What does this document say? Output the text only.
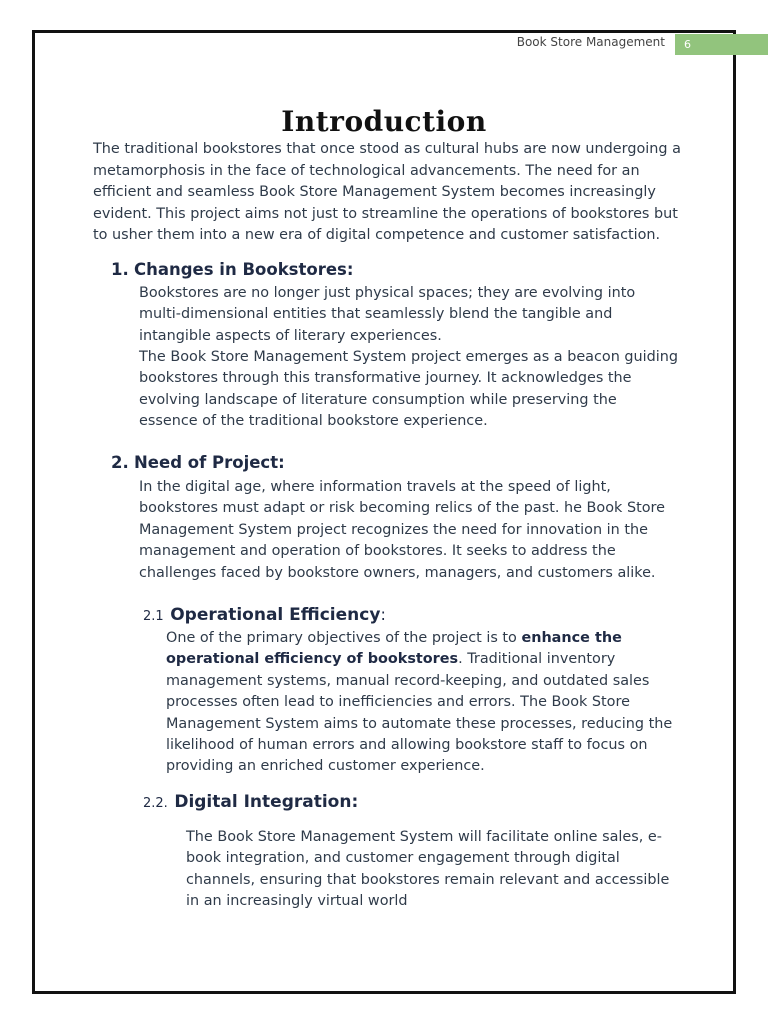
Book Store Management	6
Introduction

The traditional bookstores that once stood as cultural hubs are now undergoing a metamorphosis in the face of technological advancements. The need for an efficient and seamless Book Store Management System becomes increasingly evident. This project aims not just to streamline the operations of bookstores but to usher them into a new era of digital competence and customer satisfaction.

1. Changes in Bookstores:

Bookstores are no longer just physical spaces; they are evolving into multi-dimensional entities that seamlessly blend the tangible and intangible aspects of literary experiences.

The Book Store Management System project emerges as a beacon guiding bookstores through this transformative journey. It acknowledges the evolving landscape of literature consumption while preserving the essence of the traditional bookstore experience.

2. Need of Project:

In the digital age, where information travels at the speed of light, bookstores must adapt or risk becoming relics of the past. he Book Store Management System project recognizes the need for innovation in the management and operation of bookstores. It seeks to address the challenges faced by bookstore owners, managers, and customers alike.

2.1 Operational Efficiency:

One of the primary objectives of the project is to enhance the operational efficiency of bookstores. Traditional inventory management systems, manual record-keeping, and outdated sales processes often lead to inefficiencies and errors. The Book Store Management System aims to automate these processes, reducing the likelihood of human errors and allowing bookstore staff to focus on providing an enriched customer experience.

2.2. Digital Integration:

The Book Store Management System will facilitate online sales, e-book integration, and customer engagement through digital channels, ensuring that bookstores remain relevant and accessible in an increasingly virtual world
